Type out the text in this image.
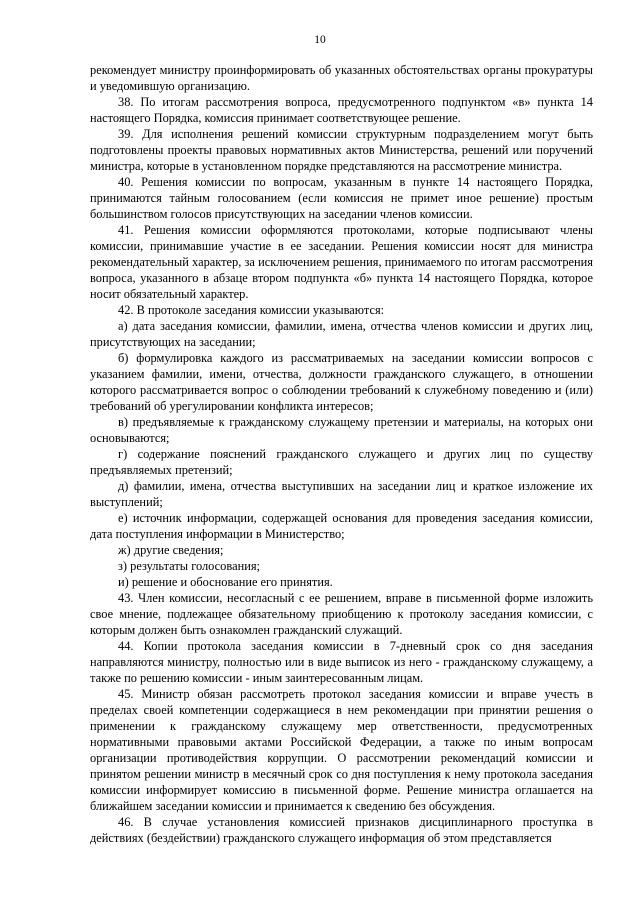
10

рекомендует министру проинформировать об указанных обстоятельствах органы прокуратуры и уведомившую организацию.

38. По итогам рассмотрения вопроса, предусмотренного подпунктом «в» пункта 14 настоящего Порядка, комиссия принимает соответствующее решение.

39. Для исполнения решений комиссии структурным подразделением могут быть подготовлены проекты правовых нормативных актов Министерства, решений или поручений министра, которые в установленном порядке представляются на рассмотрение министра.

40. Решения комиссии по вопросам, указанным в пункте 14 настоящего Порядка, принимаются тайным голосованием (если комиссия не примет иное решение) простым большинством голосов присутствующих на заседании членов комиссии.

41. Решения комиссии оформляются протоколами, которые подписывают члены комиссии, принимавшие участие в ее заседании. Решения комиссии носят для министра рекомендательный характер, за исключением решения, принимаемого по итогам рассмотрения вопроса, указанного в абзаце втором подпункта «б» пункта 14 настоящего Порядка, которое носит обязательный характер.

42. В протоколе заседания комиссии указываются:

а) дата заседания комиссии, фамилии, имена, отчества членов комиссии и других лиц, присутствующих на заседании;

б) формулировка каждого из рассматриваемых на заседании комиссии вопросов с указанием фамилии, имени, отчества, должности гражданского служащего, в отношении которого рассматривается вопрос о соблюдении требований к служебному поведению и (или) требований об урегулировании конфликта интересов;

в) предъявляемые к гражданскому служащему претензии и материалы, на которых они основываются;

г) содержание пояснений гражданского служащего и других лиц по существу предъявляемых претензий;

д) фамилии, имена, отчества выступивших на заседании лиц и краткое изложение их выступлений;

е) источник информации, содержащей основания для проведения заседания комиссии, дата поступления информации в Министерство;

ж) другие сведения;

з) результаты голосования;

и) решение и обоснование его принятия.

43. Член комиссии, несогласный с ее решением, вправе в письменной форме изложить свое мнение, подлежащее обязательному приобщению к протоколу заседания комиссии, с которым должен быть ознакомлен гражданский служащий.

44. Копии протокола заседания комиссии в 7-дневный срок со дня заседания направляются министру, полностью или в виде выписок из него - гражданскому служащему, а также по решению комиссии - иным заинтересованным лицам.

45. Министр обязан рассмотреть протокол заседания комиссии и вправе учесть в пределах своей компетенции содержащиеся в нем рекомендации при принятии решения о применении к гражданскому служащему мер ответственности, предусмотренных нормативными правовыми актами Российской Федерации, а также по иным вопросам организации противодействия коррупции. О рассмотрении рекомендаций комиссии и принятом решении министр в месячный срок со дня поступления к нему протокола заседания комиссии информирует комиссию в письменной форме. Решение министра оглашается на ближайшем заседании комиссии и принимается к сведению без обсуждения.

46. В случае установления комиссией признаков дисциплинарного проступка в действиях (бездействии) гражданского служащего информация об этом представляется
